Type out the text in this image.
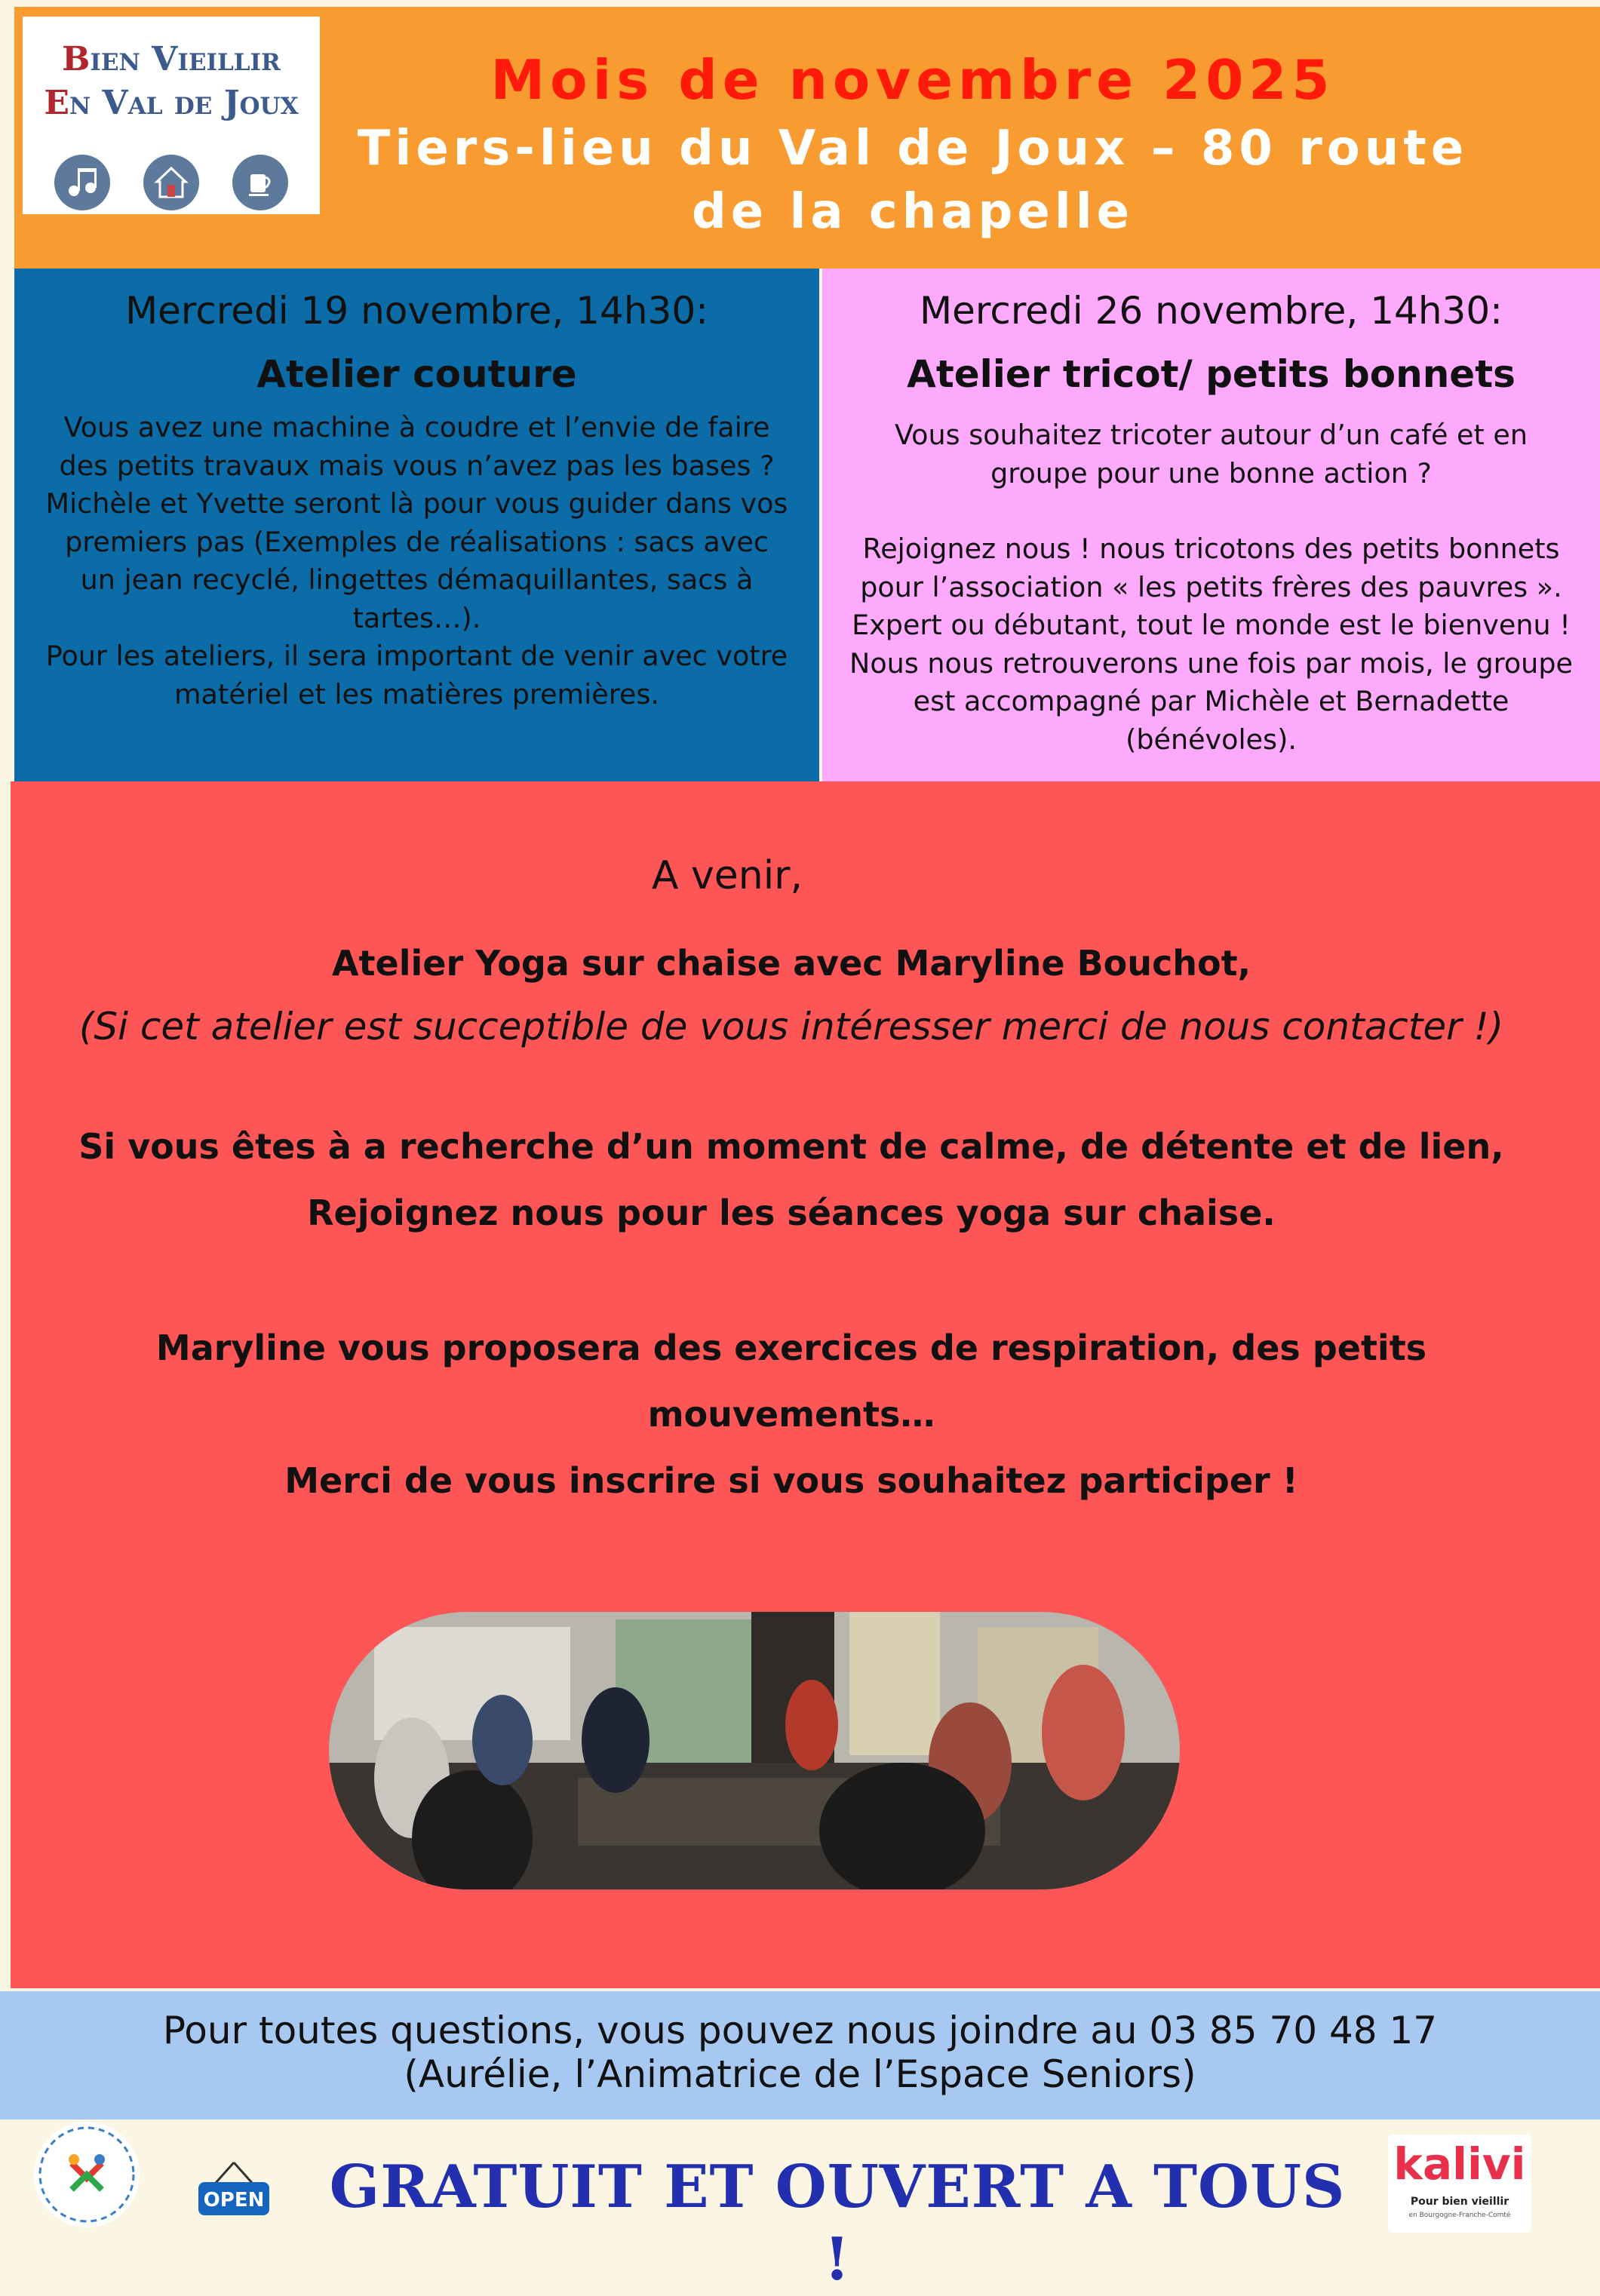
Bien Vieillir
En Val de Joux	Mois de novembre 2025
Tiers-lieu du Val de Joux – 80 route
de la chapelle
Mercredi 19 novembre, 14h30:
Atelier couture

Vous avez une machine à coudre et l’envie de faire des petits travaux mais vous n’avez pas les bases ? Michèle et Yvette seront là pour vous guider dans vos premiers pas (Exemples de réalisations : sacs avec un jean recyclé, lingettes démaquillantes, sacs à tartes…).

Pour les ateliers, il sera important de venir avec votre matériel et les matières premières.

Mercredi 26 novembre, 14h30:
Atelier tricot/ petits bonnets

Vous souhaitez tricoter autour d’un café et en groupe pour une bonne action ?

Rejoignez nous ! nous tricotons des petits bonnets pour l’association « les petits frères des pauvres ». Expert ou débutant, tout le monde est le bienvenu ! Nous nous retrouverons une fois par mois, le groupe est accompagné par Michèle et Bernadette (bénévoles).

A venir,
Atelier Yoga sur chaise avec Maryline Bouchot,
(Si cet atelier est succeptible de vous intéresser merci de nous contacter !)

Si vous êtes à a recherche d’un moment de calme, de détente et de lien,

Rejoignez nous pour les séances yoga sur chaise.

Maryline vous proposera des exercices de respiration, des petits

mouvements…

Merci de vous inscrire si vous souhaitez participer !

Pour toutes questions, vous pouvez nous joindre au 03 85 70 48 17
(Aurélie, l’Animatrice de l’Espace Seniors)
OPEN GRATUIT ET OUVERT A TOUS !
kalivi
Pour bien vieillir
en Bourgogne-Franche-Comté
